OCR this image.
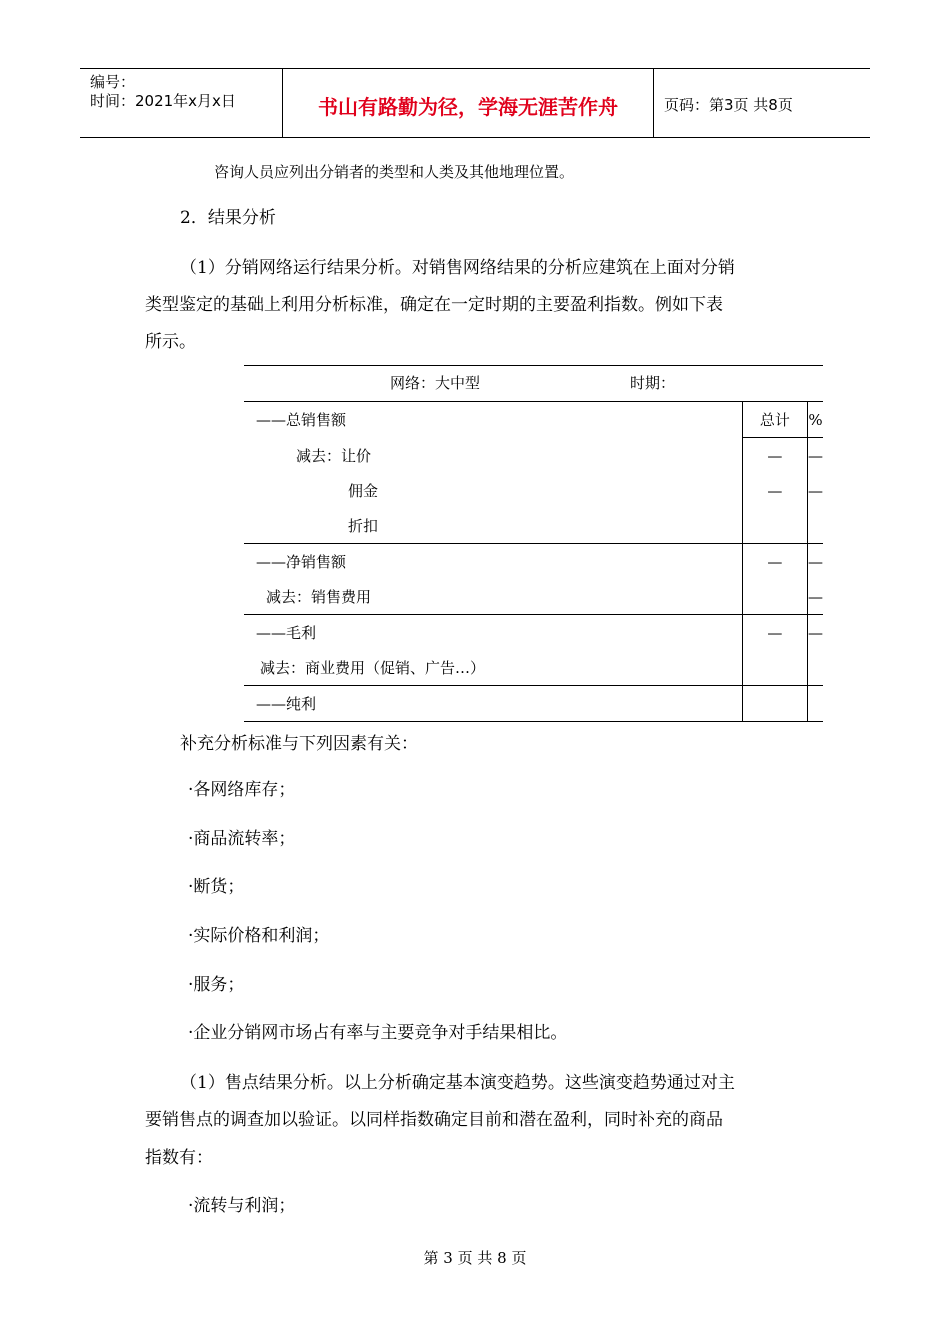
编号：
时间：2021年x月x日	书山有路勤为径，学海无涯苦作舟	页码：第3页 共8页
咨询人员应列出分销者的类型和人类及其他地理位置。
2．结果分析
（1）分销网络运行结果分析。对销售网络结果的分析应建筑在上面对分销
类型鉴定的基础上利用分析标准，确定在一定时期的主要盈利指数。例如下表
所示。
网络：大中型 时期：		

——总销售额	总计	%
减去：让价	—	—
佣金	—	—
折扣		
——净销售额	—	—
减去：销售费用		—
——毛利	—	—
减去：商业费用（促销、广告…）		
——纯利		
补充分析标准与下列因素有关：
·各网络库存；
·商品流转率；
·断货；
·实际价格和利润；
·服务；
·企业分销网市场占有率与主要竞争对手结果相比。
（1）售点结果分析。以上分析确定基本演变趋势。这些演变趋势通过对主
要销售点的调查加以验证。以同样指数确定目前和潜在盈利，同时补充的商品
指数有：
·流转与利润；
第 3 页 共 8 页
